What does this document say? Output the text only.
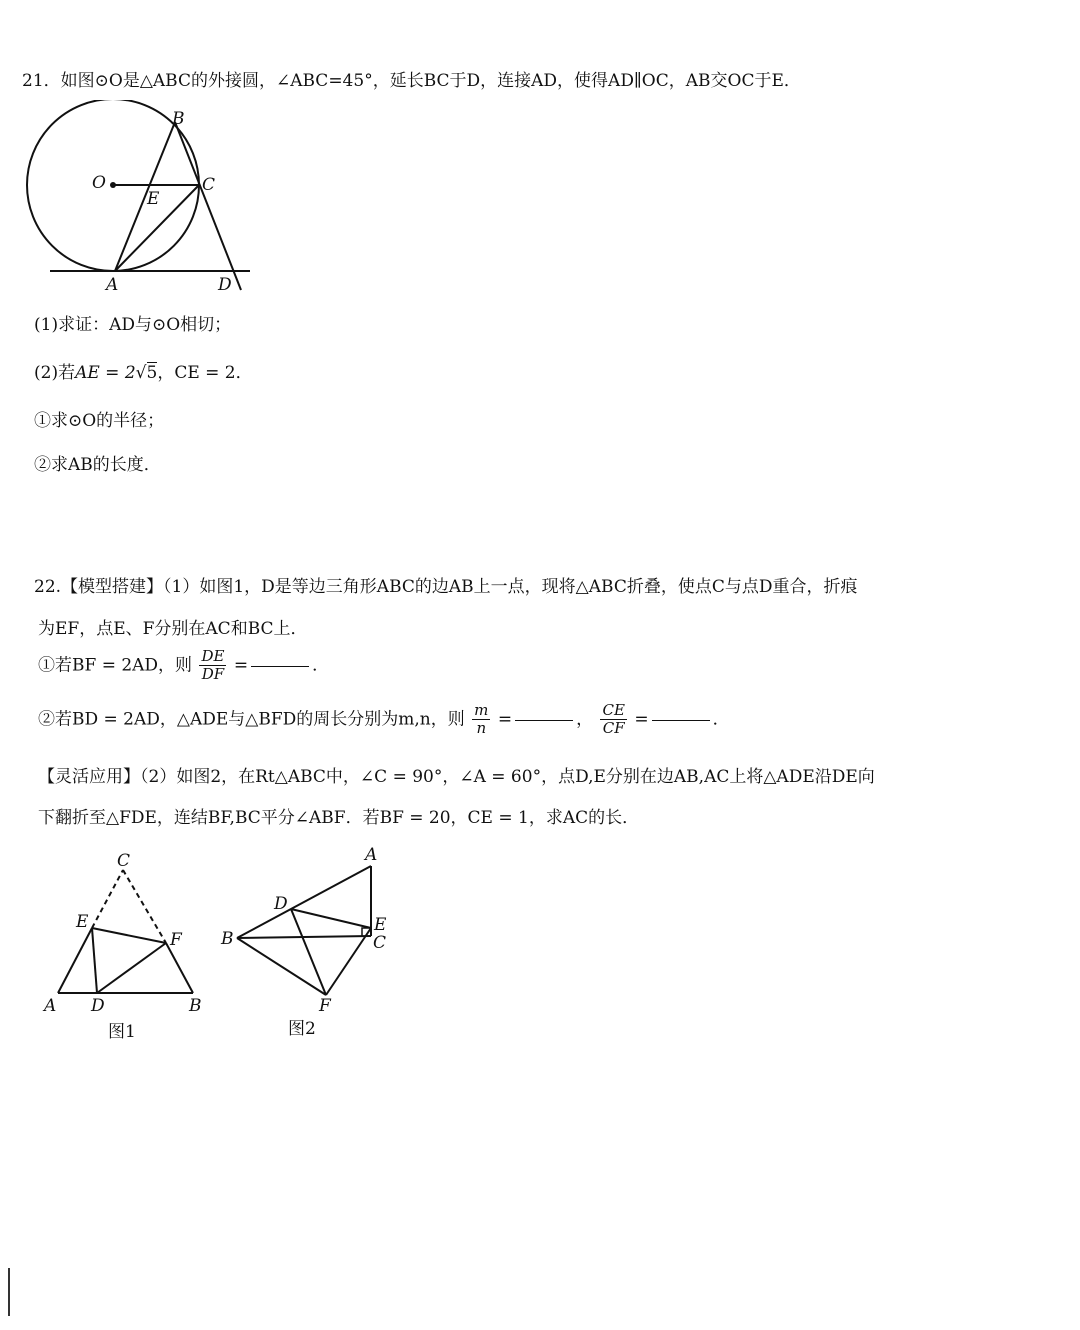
21．如图⊙O是△ABC的外接圆，∠ABC=45°，延长BC于D，连接AD，使得AD∥OC，AB交OC于E．
B
O	C
E
A	D
(1)求证：AD与⊙O相切；
(2)若AE = 2√5，CE = 2．
①求⊙O的半径；
②求AB的长度．
22.【模型搭建】（1）如图1，D是等边三角形ABC的边AB上一点，现将△ABC折叠，使点C与点D重合，折痕
为EF，点E、F分别在AC和BC上．
①若BF = 2AD，则 $\frac{DE}{DF}$ =	．
②若BD = 2AD，△ADE与△BFD的周长分别为m,n，则 $\frac{m}{n}$ =	， $\frac{CE}{CF}$ =	．
【灵活应用】（2）如图2，在Rt△ABC中，∠C = 90°，∠A = 60°，点D,E分别在边AB,AC上将△ADE沿DE向
下翻折至△FDE，连结BF,BC平分∠ABF．若BF = 20，CE = 1，求AC的长．
C
E
F
A D	B
图1
A
D
B
E
C
F
图2
